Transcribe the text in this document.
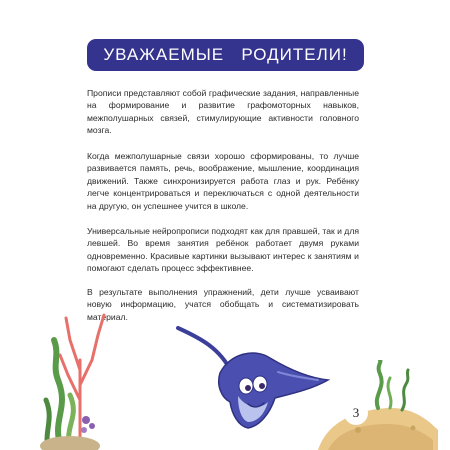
УВАЖАЕМЫЕ   РОДИТЕЛИ!

Прописи представляют собой графические задания, направленные на формирование и развитие графомоторных навыков, межполушарных связей, стимулирующие активности головного мозга.

Когда межполушарные связи хорошо сформированы, то лучше развивается память, речь, воображение, мышление, координация движений. Также синхронизируется работа глаз и рук. Ребёнку легче концентрироваться и переключаться с одной деятельности на другую, он успешнее учится в школе.

Универсальные нейропрописи подходят как для правшей, так и для левшей. Во время занятия ребёнок работает двумя руками одновременно. Красивые картинки вызывают интерес к занятиям и помогают сделать процесс эффективнее.

В результате выполнения упражнений, дети лучше усваивают новую информацию, учатся обобщать и систематизировать материал.

3
